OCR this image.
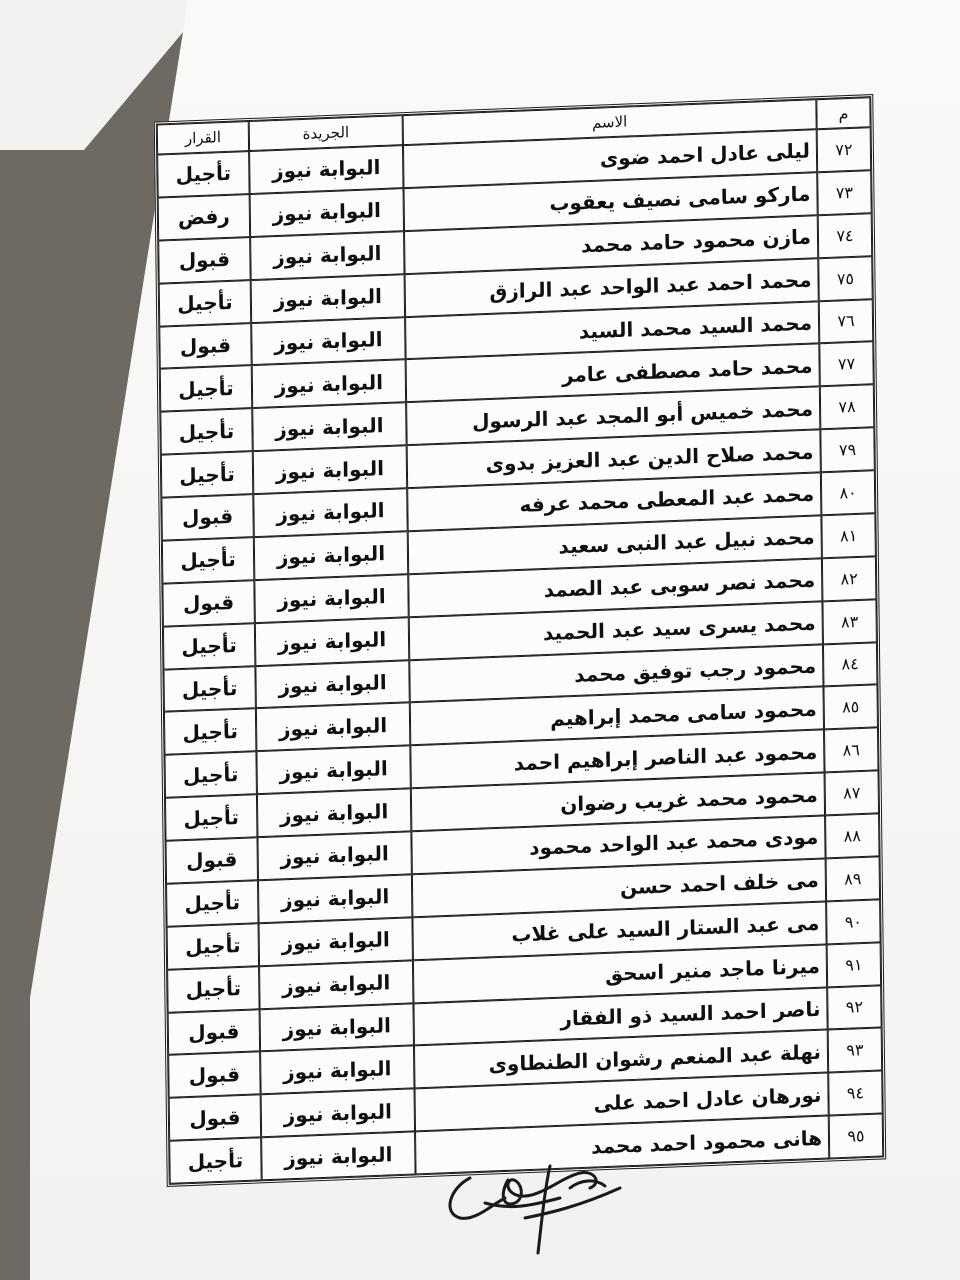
م	الاسم	الجريدة	القرار
٧٢	ليلى عادل احمد ضوى	البوابة نيوز	تأجيل
٧٣	ماركو سامى نصيف يعقوب	البوابة نيوز	رفض
٧٤	مازن محمود حامد محمد	البوابة نيوز	قبول
٧٥	محمد احمد عبد الواحد عبد الرازق	البوابة نيوز	تأجيل
٧٦	محمد السيد محمد السيد	البوابة نيوز	قبول
٧٧	محمد حامد مصطفى عامر	البوابة نيوز	تأجيل
٧٨	محمد خميس أبو المجد عبد الرسول	البوابة نيوز	تأجيل
٧٩	محمد صلاح الدين عبد العزيز بدوى	البوابة نيوز	تأجيل
٨٠	محمد عبد المعطى محمد عرفه	البوابة نيوز	قبول
٨١	محمد نبيل عبد النبى سعيد	البوابة نيوز	تأجيل
٨٢	محمد نصر سوبى عبد الصمد	البوابة نيوز	قبول
٨٣	محمد يسرى سيد عبد الحميد	البوابة نيوز	تأجيل
٨٤	محمود رجب توفيق محمد	البوابة نيوز	تأجيل
٨٥	محمود سامى محمد إبراهيم	البوابة نيوز	تأجيل
٨٦	محمود عبد الناصر إبراهيم احمد	البوابة نيوز	تأجيل
٨٧	محمود محمد غريب رضوان	البوابة نيوز	تأجيل
٨٨	مودى محمد عبد الواحد محمود	البوابة نيوز	قبول
٨٩	مى خلف احمد حسن	البوابة نيوز	تأجيل
٩٠	مى عبد الستار السيد على غلاب	البوابة نيوز	تأجيل
٩١	ميرنا ماجد منير اسحق	البوابة نيوز	تأجيل
٩٢	ناصر احمد السيد ذو الفقار	البوابة نيوز	قبول
٩٣	نهلة عبد المنعم رشوان الطنطاوى	البوابة نيوز	قبول
٩٤	نورهان عادل احمد على	البوابة نيوز	قبول
٩٥	هانى محمود احمد محمد	البوابة نيوز	تأجيل
